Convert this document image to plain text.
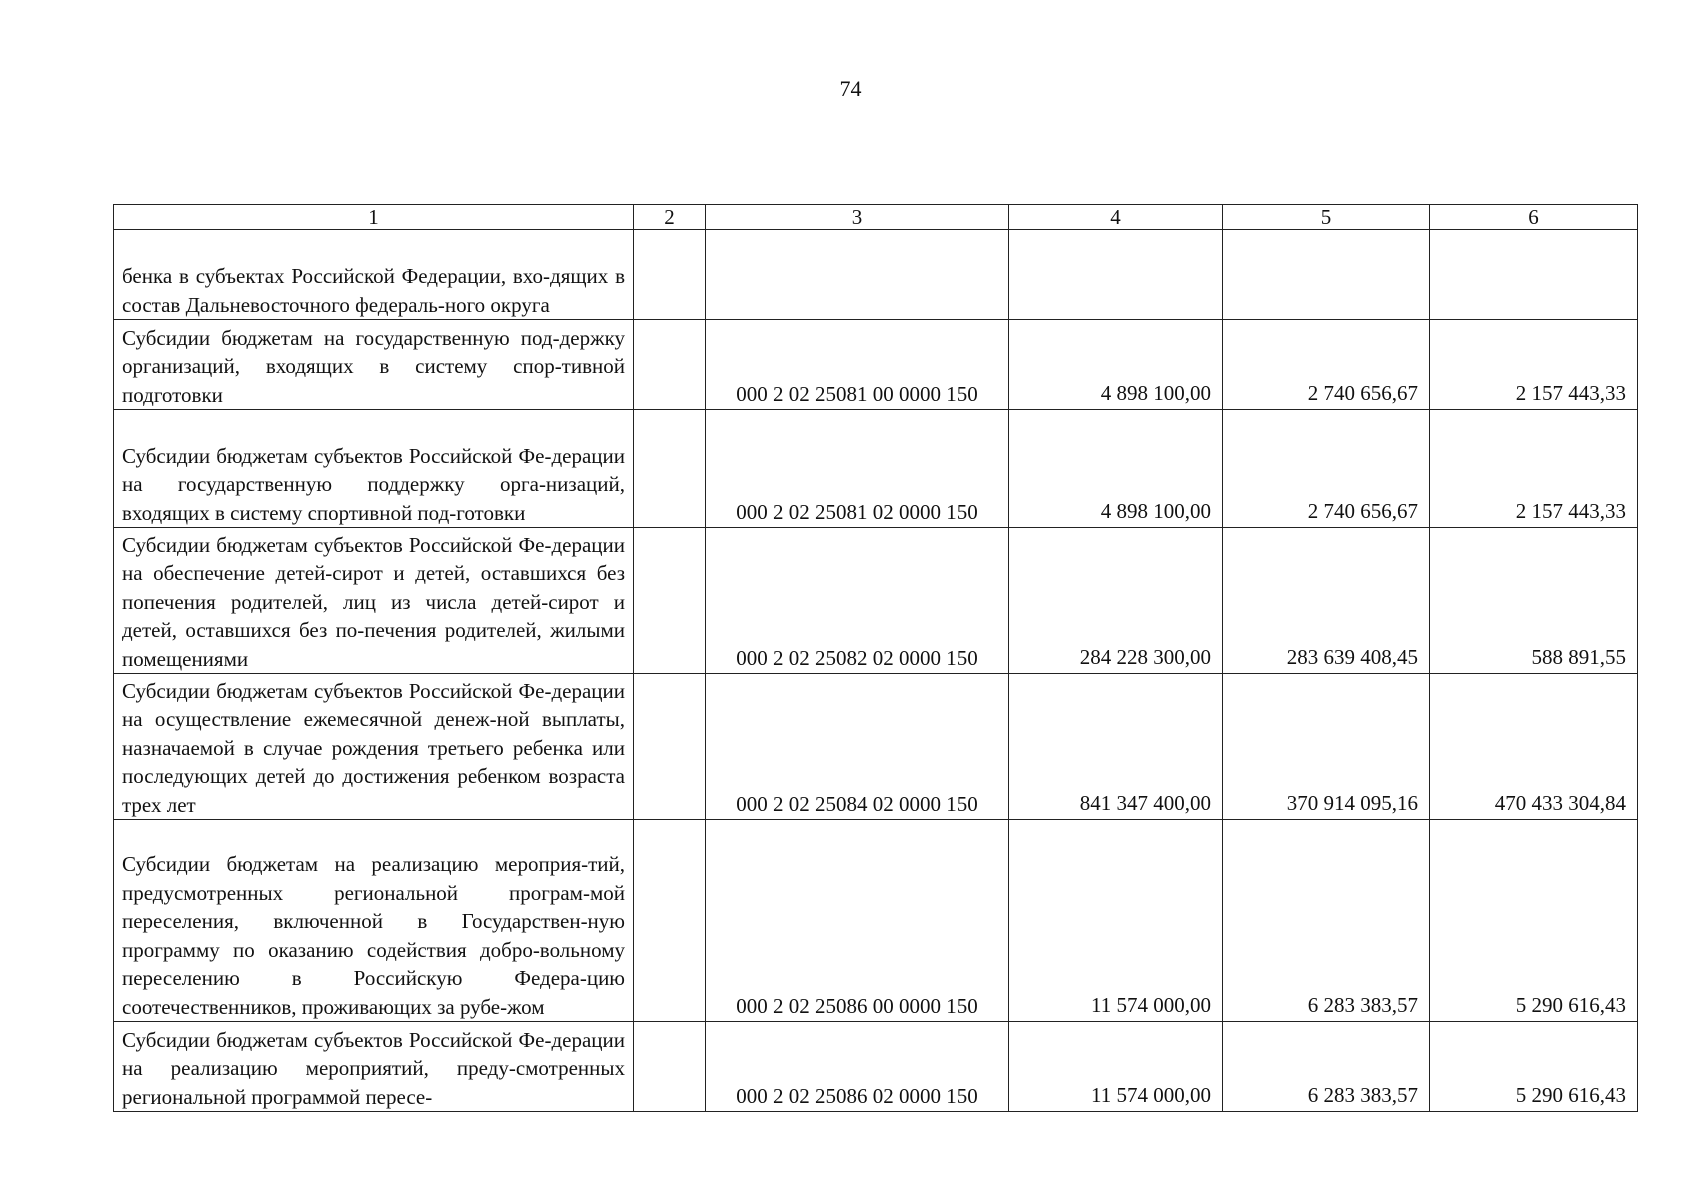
74
1	2	3	4	5	6
бенка в субъектах Российской Федерации, вхо-дящих в состав Дальневосточного федераль-ного округа					
Субсидии бюджетам на государственную под-держку организаций, входящих в систему спор-тивной подготовки		000 2 02 25081 00 0000 150	4 898 100,00	2 740 656,67	2 157 443,33
Субсидии бюджетам субъектов Российской Фе-дерации на государственную поддержку орга-низаций, входящих в систему спортивной под-готовки		000 2 02 25081 02 0000 150	4 898 100,00	2 740 656,67	2 157 443,33
Субсидии бюджетам субъектов Российской Фе-дерации на обеспечение детей-сирот и детей, оставшихся без попечения родителей, лиц из числа детей-сирот и детей, оставшихся без по-печения родителей, жилыми помещениями		000 2 02 25082 02 0000 150	284 228 300,00	283 639 408,45	588 891,55
Субсидии бюджетам субъектов Российской Фе-дерации на осуществление ежемесячной денеж-ной выплаты, назначаемой в случае рождения третьего ребенка или последующих детей до достижения ребенком возраста трех лет		000 2 02 25084 02 0000 150	841 347 400,00	370 914 095,16	470 433 304,84
Субсидии бюджетам на реализацию мероприя-тий, предусмотренных региональной програм-мой переселения, включенной в Государствен-ную программу по оказанию содействия добро-вольному переселению в Российскую Федера-цию соотечественников, проживающих за рубе-жом		000 2 02 25086 00 0000 150	11 574 000,00	6 283 383,57	5 290 616,43
Субсидии бюджетам субъектов Российской Фе-дерации на реализацию мероприятий, преду-смотренных региональной программой пересе-		000 2 02 25086 02 0000 150	11 574 000,00	6 283 383,57	5 290 616,43
